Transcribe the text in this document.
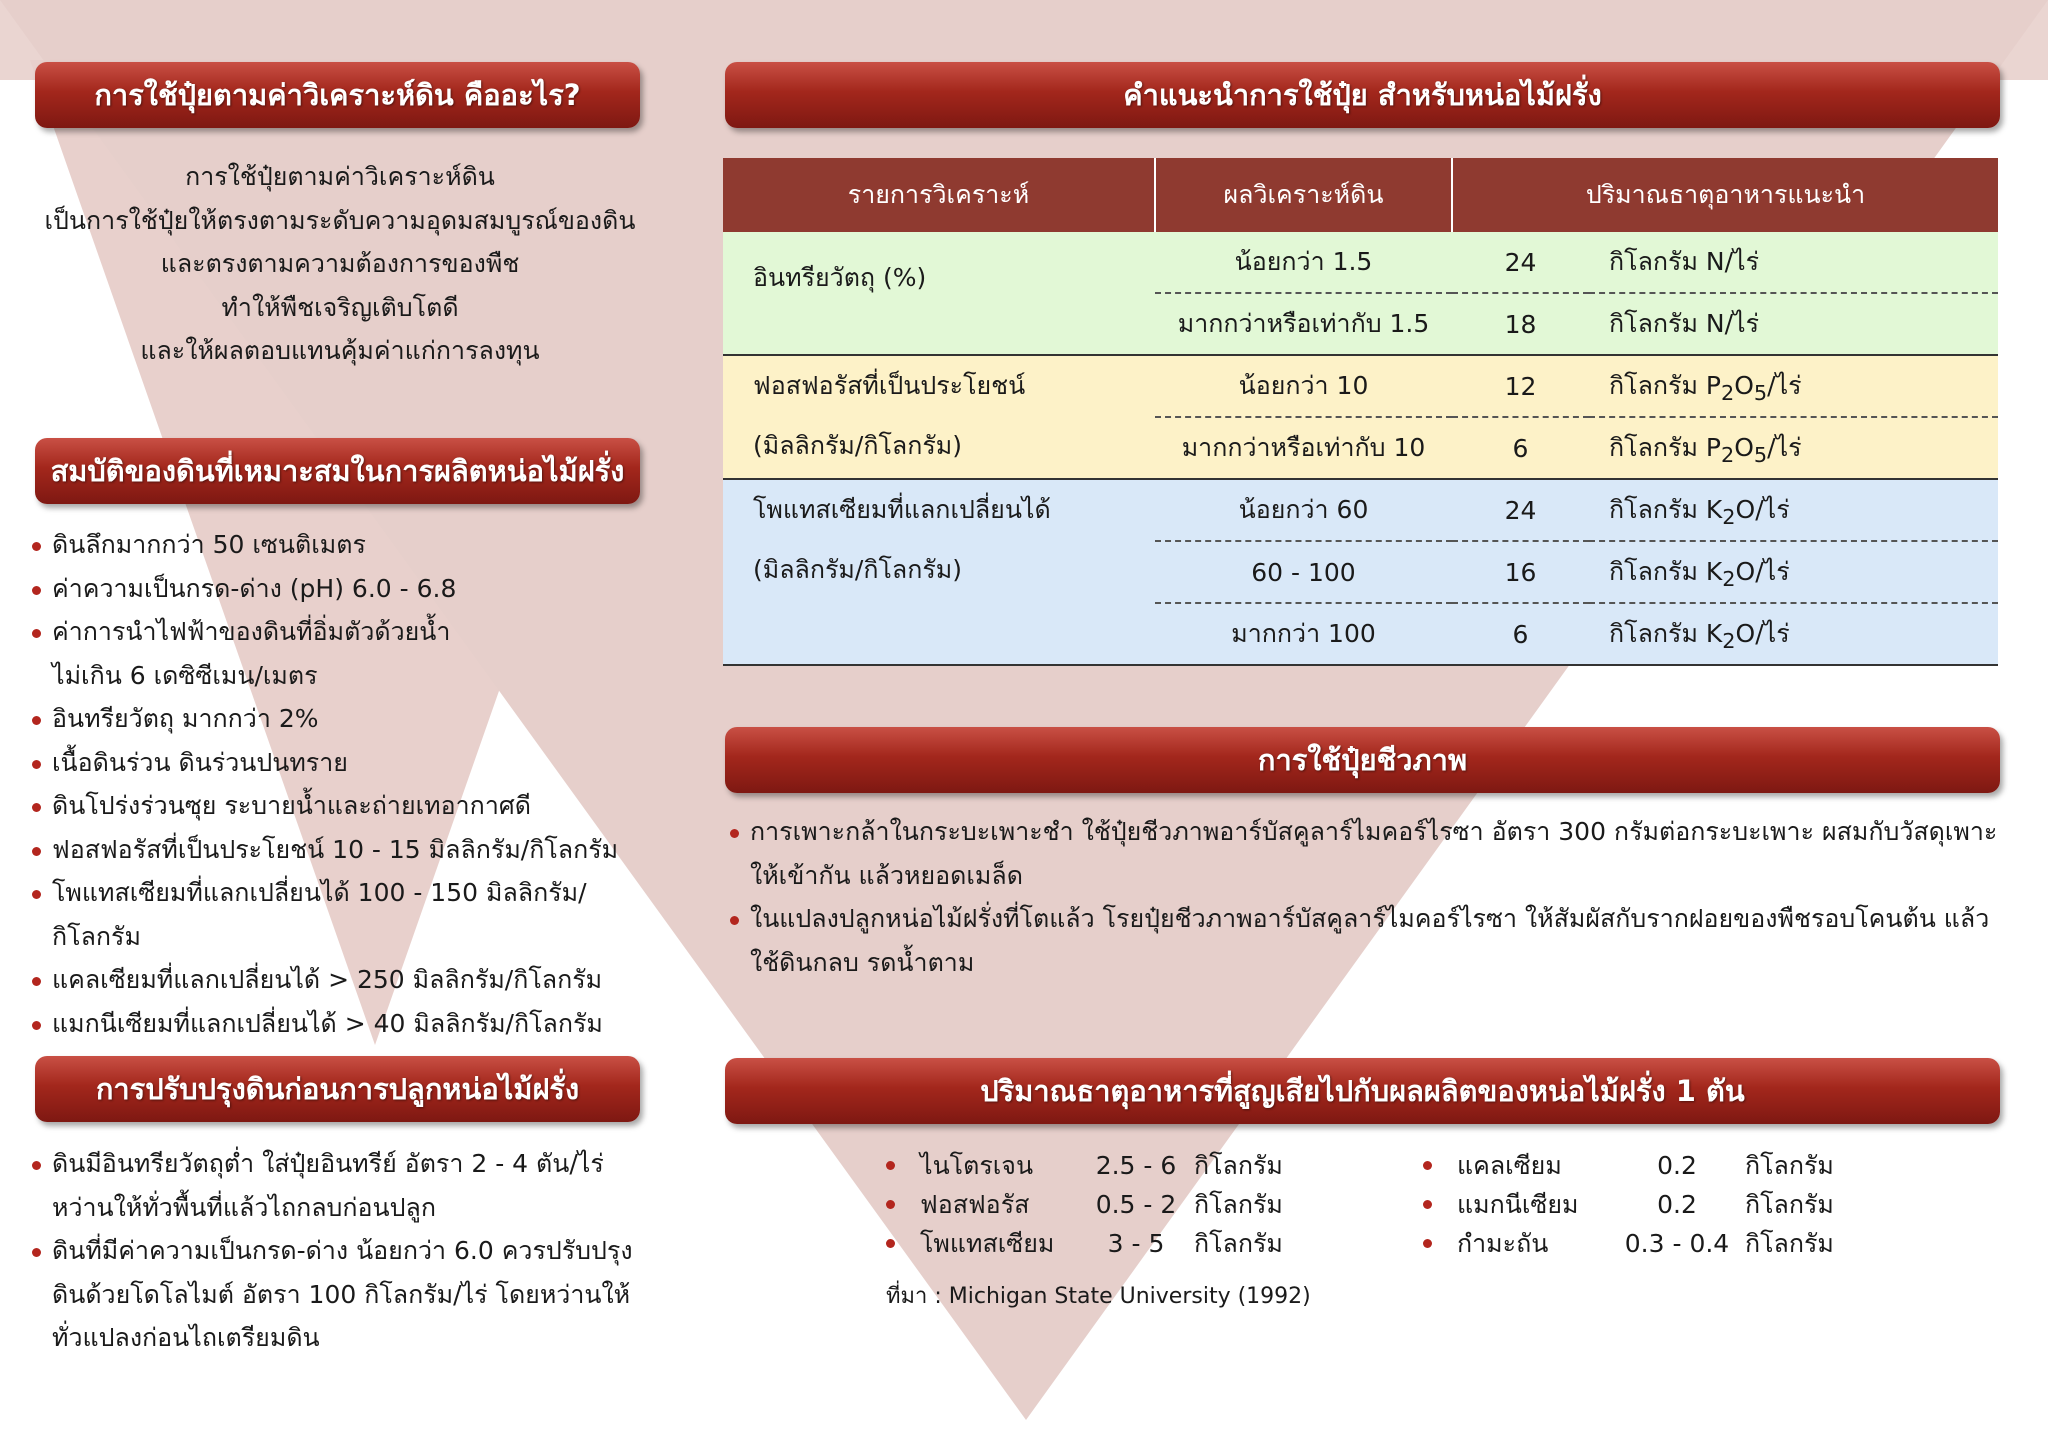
การใช้ปุ๋ยตามค่าวิเคราะห์ดิน คืออะไร?
การใช้ปุ๋ยตามค่าวิเคราะห์ดิน
เป็นการใช้ปุ๋ยให้ตรงตามระดับความอุดมสมบูรณ์ของดิน
และตรงตามความต้องการของพืช
ทำให้พืชเจริญเติบโตดี
และให้ผลตอบแทนคุ้มค่าแก่การลงทุน
สมบัติของดินที่เหมาะสมในการผลิตหน่อไม้ฝรั่ง
ดินลึกมากกว่า 50 เซนติเมตร
ค่าความเป็นกรด-ด่าง (pH) 6.0 - 6.8
ค่าการนำไฟฟ้าของดินที่อิ่มตัวด้วยน้ำ ไม่เกิน 6 เดซิซีเมน/เมตร
อินทรียวัตถุ มากกว่า 2%
เนื้อดินร่วน ดินร่วนปนทราย
ดินโปร่งร่วนซุย ระบายน้ำและถ่ายเทอากาศดี
ฟอสฟอรัสที่เป็นประโยชน์ 10 - 15 มิลลิกรัม/กิโลกรัม
โพแทสเซียมที่แลกเปลี่ยนได้ 100 - 150 มิลลิกรัม/กิโลกรัม
แคลเซียมที่แลกเปลี่ยนได้ > 250 มิลลิกรัม/กิโลกรัม
แมกนีเซียมที่แลกเปลี่ยนได้ > 40 มิลลิกรัม/กิโลกรัม
การปรับปรุงดินก่อนการปลูกหน่อไม้ฝรั่ง
ดินมีอินทรียวัตถุต่ำ ใส่ปุ๋ยอินทรีย์ อัตรา 2 - 4 ตัน/ไร่ หว่านให้ทั่วพื้นที่แล้วไถกลบก่อนปลูก
ดินที่มีค่าความเป็นกรด-ด่าง น้อยกว่า 6.0 ควรปรับปรุงดินด้วยโดโลไมต์ อัตรา 100 กิโลกรัม/ไร่ โดยหว่านให้ทั่วแปลงก่อนไถเตรียมดิน
คำแนะนำการใช้ปุ๋ย สำหรับหน่อไม้ฝรั่ง
รายการวิเคราะห์	ผลวิเคราะห์ดิน	ปริมาณธาตุอาหารแนะนำ	

อินทรียวัตถุ (%)	น้อยกว่า 1.5	24	กิโลกรัม N/ไร่
	มากกว่าหรือเท่ากับ 1.5	18	กิโลกรัม N/ไร่

ฟอสฟอรัสที่เป็นประโยชน์
(มิลลิกรัม/กิโลกรัม)	น้อยกว่า 10	12	กิโลกรัม $P_2O_5/$ไร่
	มากกว่าหรือเท่ากับ 10	6	กิโลกรัม $P_2O_5/$ไร่

โพแทสเซียมที่แลกเปลี่ยนได้
(มิลลิกรัม/กิโลกรัม)	น้อยกว่า 60	24	กิโลกรัม $K_2O/$ไร่
	60 - 100	16	กิโลกรัม $K_2O/$ไร่
	มากกว่า 100	6	กิโลกรัม $K_2O/$ไร่
การใช้ปุ๋ยชีวภาพ
การเพาะกล้าในกระบะเพาะชำ ใช้ปุ๋ยชีวภาพอาร์บัสคูลาร์ไมคอร์ไรซา อัตรา 300 กรัมต่อกระบะเพาะ ผสมกับวัสดุเพาะให้เข้ากัน แล้วหยอดเมล็ด
ในแปลงปลูกหน่อไม้ฝรั่งที่โตแล้ว โรยปุ๋ยชีวภาพอาร์บัสคูลาร์ไมคอร์ไรซา ให้สัมผัสกับรากฝอยของพืชรอบโคนต้น แล้วใช้ดินกลบ รดน้ำตาม
ปริมาณธาตุอาหารที่สูญเสียไปกับผลผลิตของหน่อไม้ฝรั่ง 1 ตัน
ไนโตรเจน	2.5 - 6 กิโลกรัม
ฟอสฟอรัส	0.5 - 2 กิโลกรัม
โพแทสเซียม 3 - 5 กิโลกรัม
แคลเซียม	0.2 กิโลกรัม
แมกนีเซียม	0.2 กิโลกรัม
กำมะถัน	0.3 - 0.4 กิโลกรัม
ที่มา : Michigan State University (1992)
